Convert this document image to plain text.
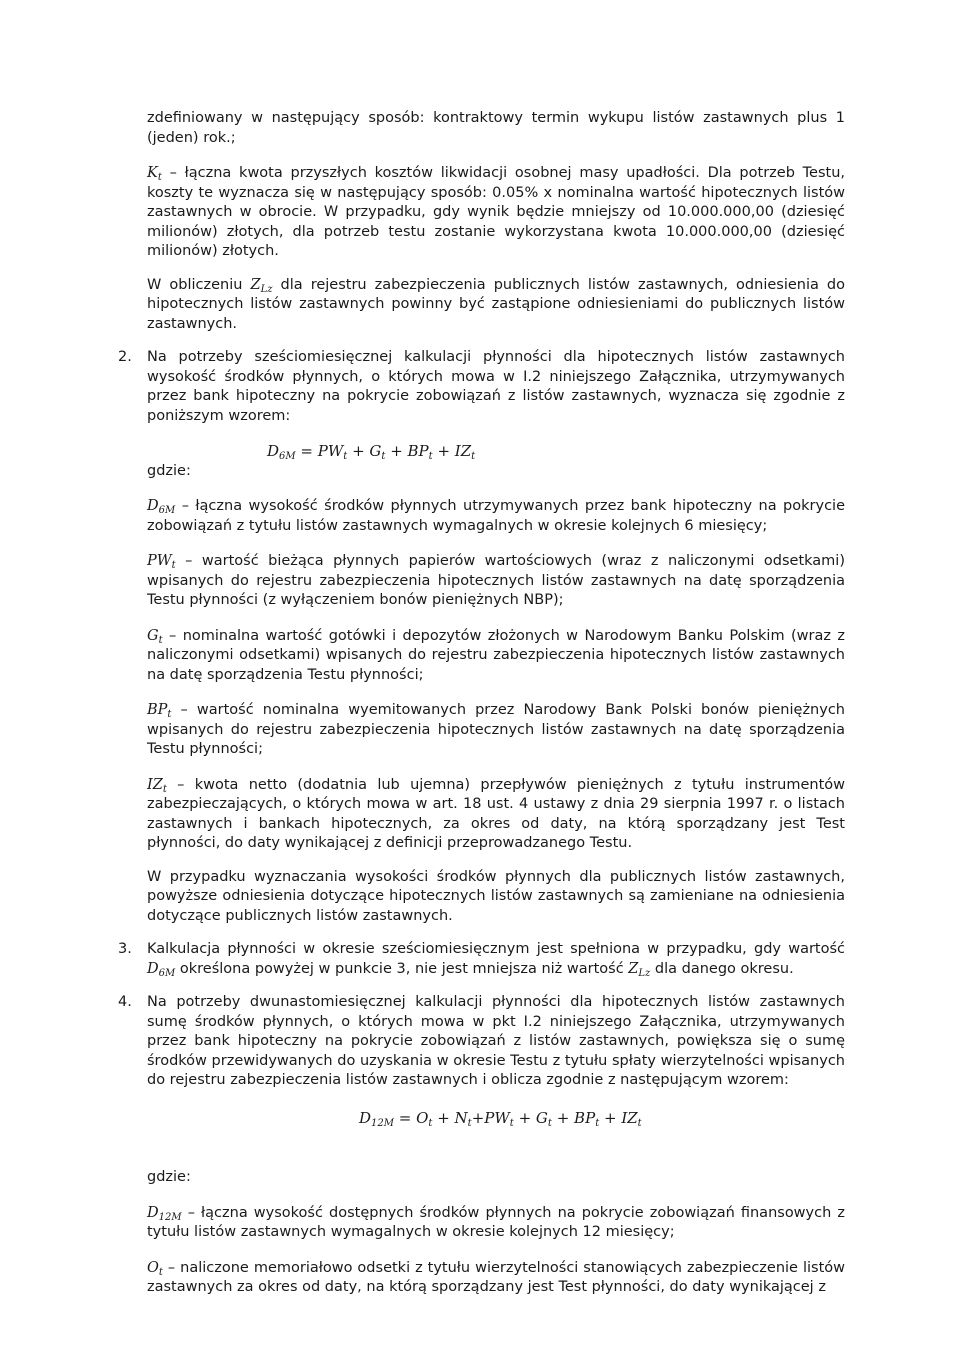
zdefiniowany w następujący sposób: kontraktowy termin wykupu listów zastawnych plus 1 (jeden) rok.;

$K_t$ – łączna kwota przyszłych kosztów likwidacji osobnej masy upadłości. Dla potrzeb Testu, koszty te wyznacza się w następujący sposób: 0.05% x nominalna wartość hipotecznych listów zastawnych w obrocie. W przypadku, gdy wynik będzie mniejszy od 10.000.000,00 (dziesięć milionów) złotych, dla potrzeb testu zostanie wykorzystana kwota 10.000.000,00 (dziesięć milionów) złotych.

W obliczeniu $Z_{Lz}$ dla rejestru zabezpieczenia publicznych listów zastawnych, odniesienia do hipotecznych listów zastawnych powinny być zastąpione odniesieniami do publicznych listów zastawnych.

2. Na potrzeby sześciomiesięcznej kalkulacji płynności dla hipotecznych listów zastawnych wysokość środków płynnych, o których mowa w I.2 niniejszego Załącznika, utrzymywanych przez bank hipoteczny na pokrycie zobowiązań z listów zastawnych, wyznacza się zgodnie z poniższym wzorem:

$D_{6M} = PW_t + G_t + BP_t + IZ_t$

gdzie:

$D_{6M}$ – łączna wysokość środków płynnych utrzymywanych przez bank hipoteczny na pokrycie zobowiązań z tytułu listów zastawnych wymagalnych w okresie kolejnych 6 miesięcy;

$PW_t$ – wartość bieżąca płynnych papierów wartościowych (wraz z naliczonymi odsetkami) wpisanych do rejestru zabezpieczenia hipotecznych listów zastawnych na datę sporządzenia Testu płynności (z wyłączeniem bonów pieniężnych NBP);

$G_t$ – nominalna wartość gotówki i depozytów złożonych w Narodowym Banku Polskim (wraz z naliczonymi odsetkami) wpisanych do rejestru zabezpieczenia hipotecznych listów zastawnych na datę sporządzenia Testu płynności;

$BP_t$ – wartość nominalna wyemitowanych przez Narodowy Bank Polski bonów pieniężnych wpisanych do rejestru zabezpieczenia hipotecznych listów zastawnych na datę sporządzenia Testu płynności;

$IZ_t$ – kwota netto (dodatnia lub ujemna) przepływów pieniężnych z tytułu instrumentów zabezpieczających, o których mowa w art. 18 ust. 4 ustawy z dnia 29 sierpnia 1997 r. o listach zastawnych i bankach hipotecznych, za okres od daty, na którą sporządzany jest Test płynności, do daty wynikającej z definicji przeprowadzanego Testu.

W przypadku wyznaczania wysokości środków płynnych dla publicznych listów zastawnych, powyższe odniesienia dotyczące hipotecznych listów zastawnych są zamieniane na odniesienia dotyczące publicznych listów zastawnych.

3. Kalkulacja płynności w okresie sześciomiesięcznym jest spełniona w przypadku, gdy wartość $D_{6M}$ określona powyżej w punkcie 3, nie jest mniejsza niż wartość $Z_{Lz}$ dla danego okresu.

4. Na potrzeby dwunastomiesięcznej kalkulacji płynności dla hipotecznych listów zastawnych sumę środków płynnych, o których mowa w pkt I.2 niniejszego Załącznika, utrzymywanych przez bank hipoteczny na pokrycie zobowiązań z listów zastawnych, powiększa się o sumę środków przewidywanych do uzyskania w okresie Testu z tytułu spłaty wierzytelności wpisanych do rejestru zabezpieczenia listów zastawnych i oblicza zgodnie z następującym wzorem:

$D_{12M} = O_t + N_t+PW_t + G_t + BP_t + IZ_t$

gdzie:

$D_{12M}$ – łączna wysokość dostępnych środków płynnych na pokrycie zobowiązań finansowych z tytułu listów zastawnych wymagalnych w okresie kolejnych 12 miesięcy;

$O_t$ – naliczone memoriałowo odsetki z tytułu wierzytelności stanowiących zabezpieczenie listów zastawnych za okres od daty, na którą sporządzany jest Test płynności, do daty wynikającej z
